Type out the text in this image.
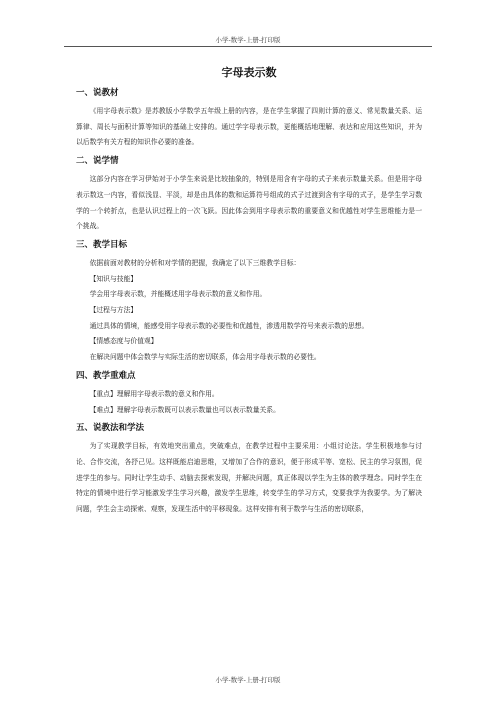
小学-数学-上册-打印版
字母表示数
一、说教材

《用字母表示数》是苏教版小学数学五年级上册的内容，是在学生掌握了四则计算的意义、常见数量关系、运算律、周长与面积计算等知识的基础上安排的。通过学字母表示数，更能概括地理解、表达和应用这些知识，并为以后数学有关方程的知识作必要的准备。

二、说学情

这部分内容在学习伊始对于小学生来说是比较抽象的，特别是用含有字母的式子来表示数量关系。但是用字母表示数这一内容，看似浅显、平淡，却是由具体的数和运算符号组成的式子过渡到含有字母的式子，是学生学习数学的一个转折点，也是认识过程上的一次飞跃。因此体会到用字母表示数的重要意义和优越性对学生思维能力是一个挑战。

三、教学目标

依据前面对教材的分析和对学情的把握，我确定了以下三维教学目标：

【知识与技能】

学会用字母表示数，并能概述用字母表示数的意义和作用。

【过程与方法】

通过具体的情境，能感受用字母表示数的必要性和优越性，渗透用数学符号来表示数的思想。

【情感态度与价值观】

在解决问题中体会数学与实际生活的密切联系，体会用字母表示数的必要性。

四、教学重难点

【重点】理解用字母表示数的意义和作用。

【难点】理解字母表示数既可以表示数量也可以表示数量关系。

五、说教法和学法

为了实现教学目标，有效地突出重点，突破难点，在教学过程中主要采用：小组讨论法。学生积极地参与讨论、合作交流，各抒己见。这样既能启迪思维，又增加了合作的意识，便于形成平等、宽松、民主的学习氛围，促进学生的参与。同时让学生动手、动脑去探索发现，并解决问题，真正体现以学生为主体的教学理念。同时学生在特定的情境中进行学习能激发学生学习兴趣，激发学生思维，转变学生的学习方式，变要我学为我要学。为了解决问题，学生会主动探索、观察，发现生活中的平移现象。这样安排有利于数学与生活的密切联系，

小学-数学-上册-打印版
